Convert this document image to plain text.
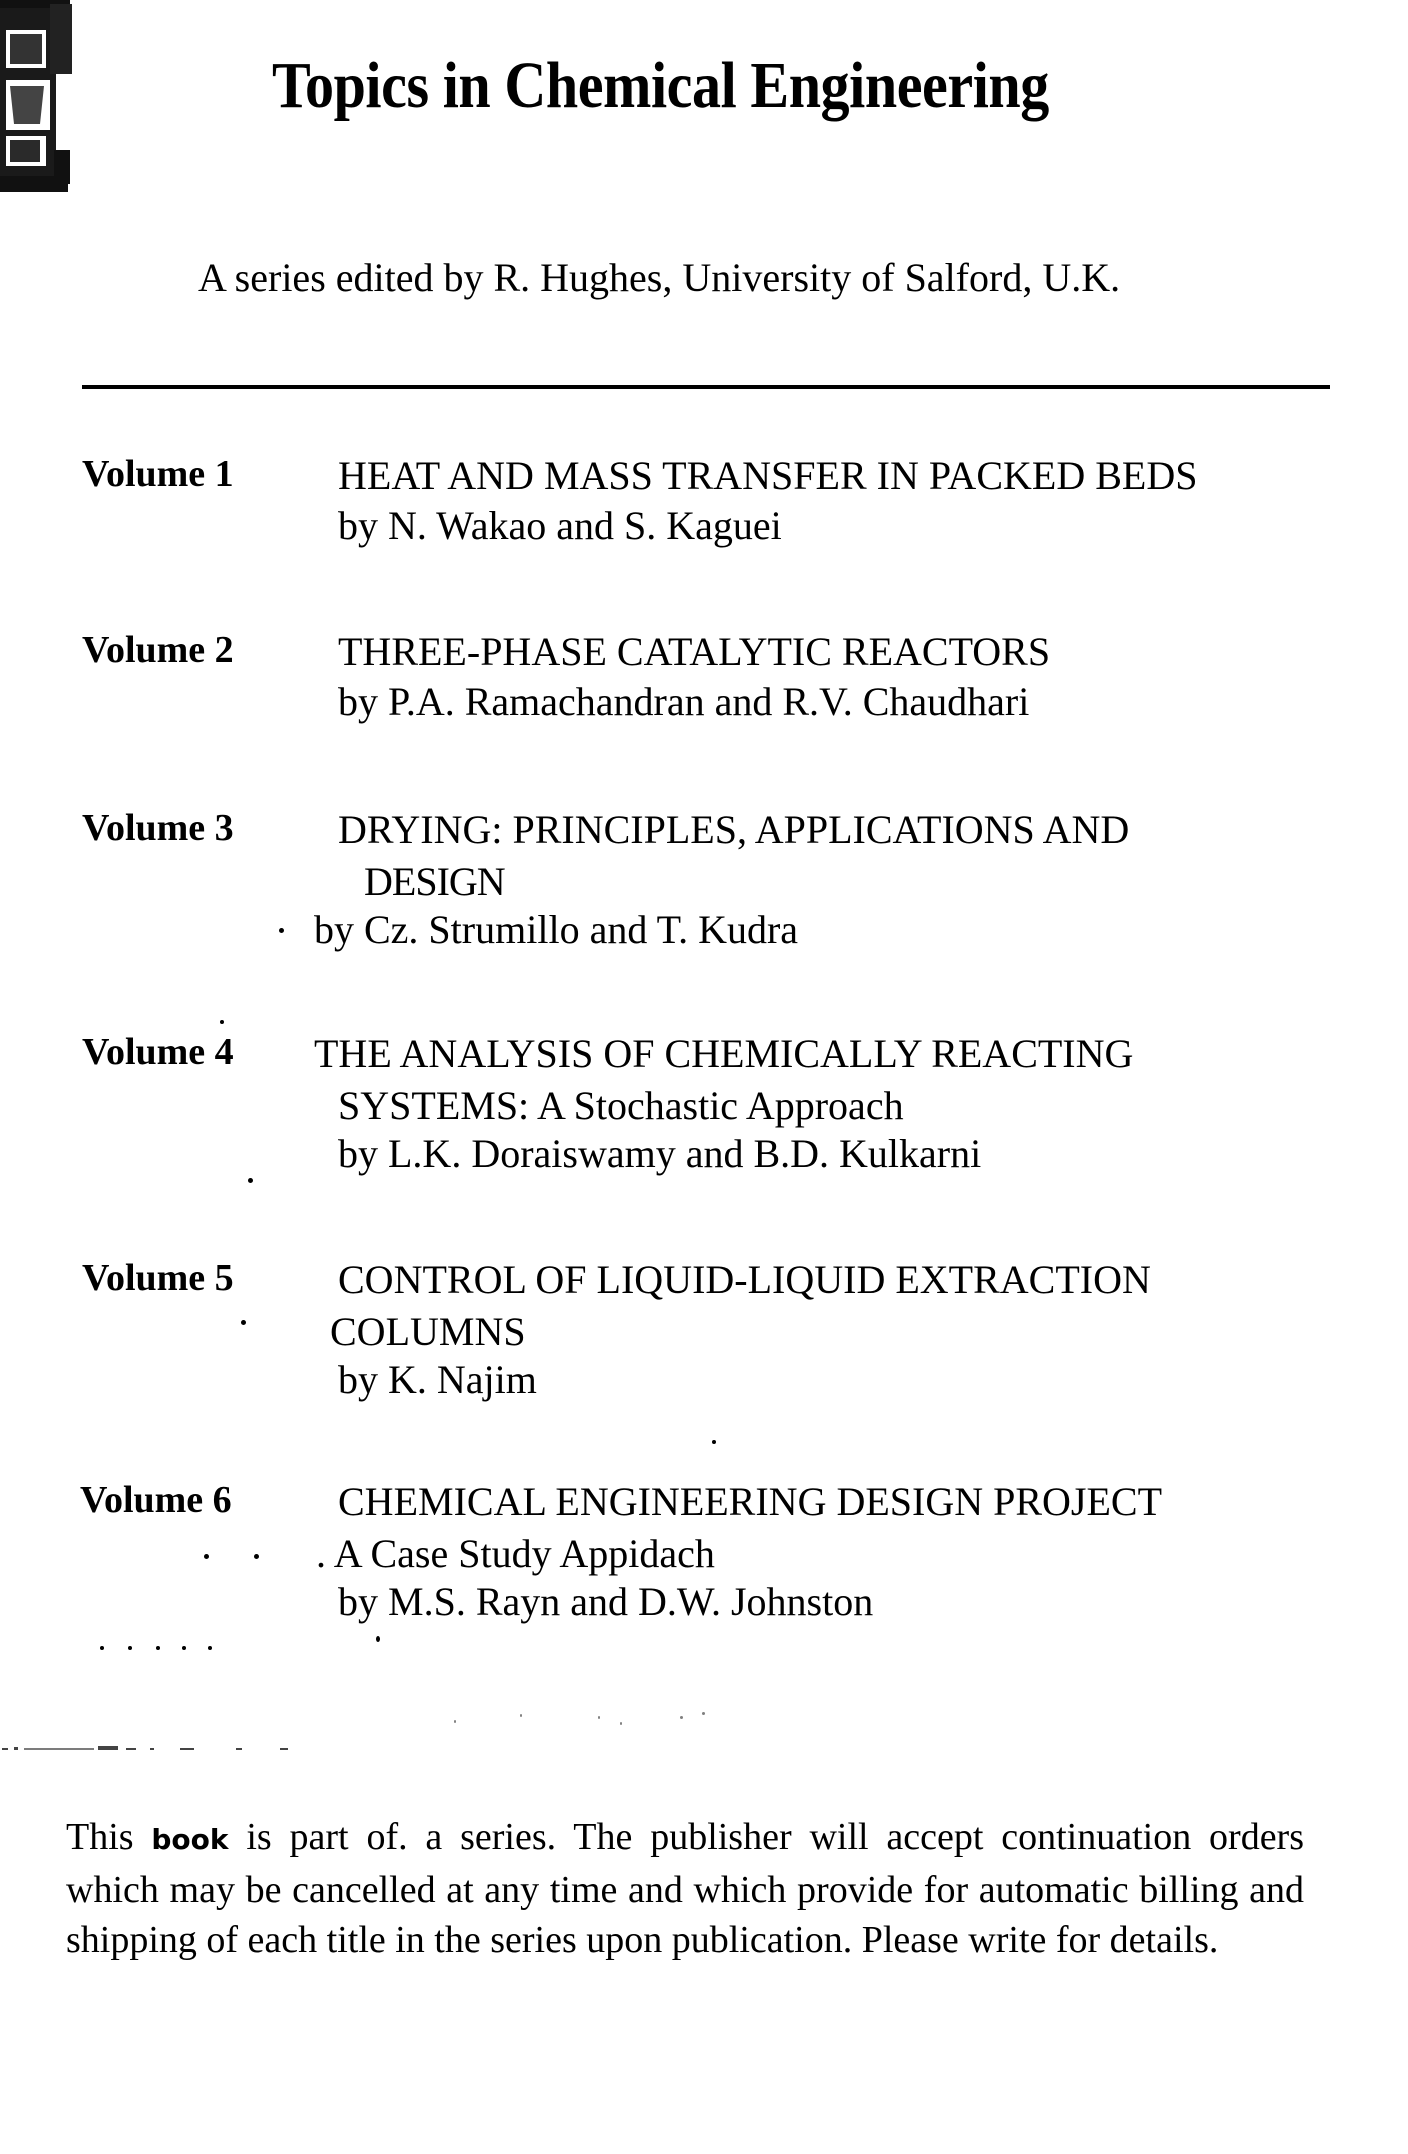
Topics in Chemical Engineering
A series edited by R. Hughes, University of Salford, U.K.
Volume 1	HEAT AND MASS TRANSFER IN PACKED BEDS
by N. Wakao and S. Kaguei
Volume 2	THREE-PHASE CATALYTIC REACTORS
by P.A. Ramachandran and R.V. Chaudhari
Volume 3	DRYING: PRINCIPLES, APPLICATIONS AND
DESIGN
by Cz. Strumillo and T. Kudra
Volume 4 THE ANALYSIS OF CHEMICALLY REACTING
SYSTEMS: A Stochastic Approach
by L.K. Doraiswamy and B.D. Kulkarni
Volume 5	CONTROL OF LIQUID-LIQUID EXTRACTION
COLUMNS
by K. Najim
Volume 6	CHEMICAL ENGINEERING DESIGN PROJECT
. A Case Study Appidach
by M.S. Rayn and D.W. Johnston
This book is part of. a series. The publisher will accept continuation orders which may be cancelled at any time and which provide for automatic billing and shipping of each title in the series upon publication. Please write for details.
